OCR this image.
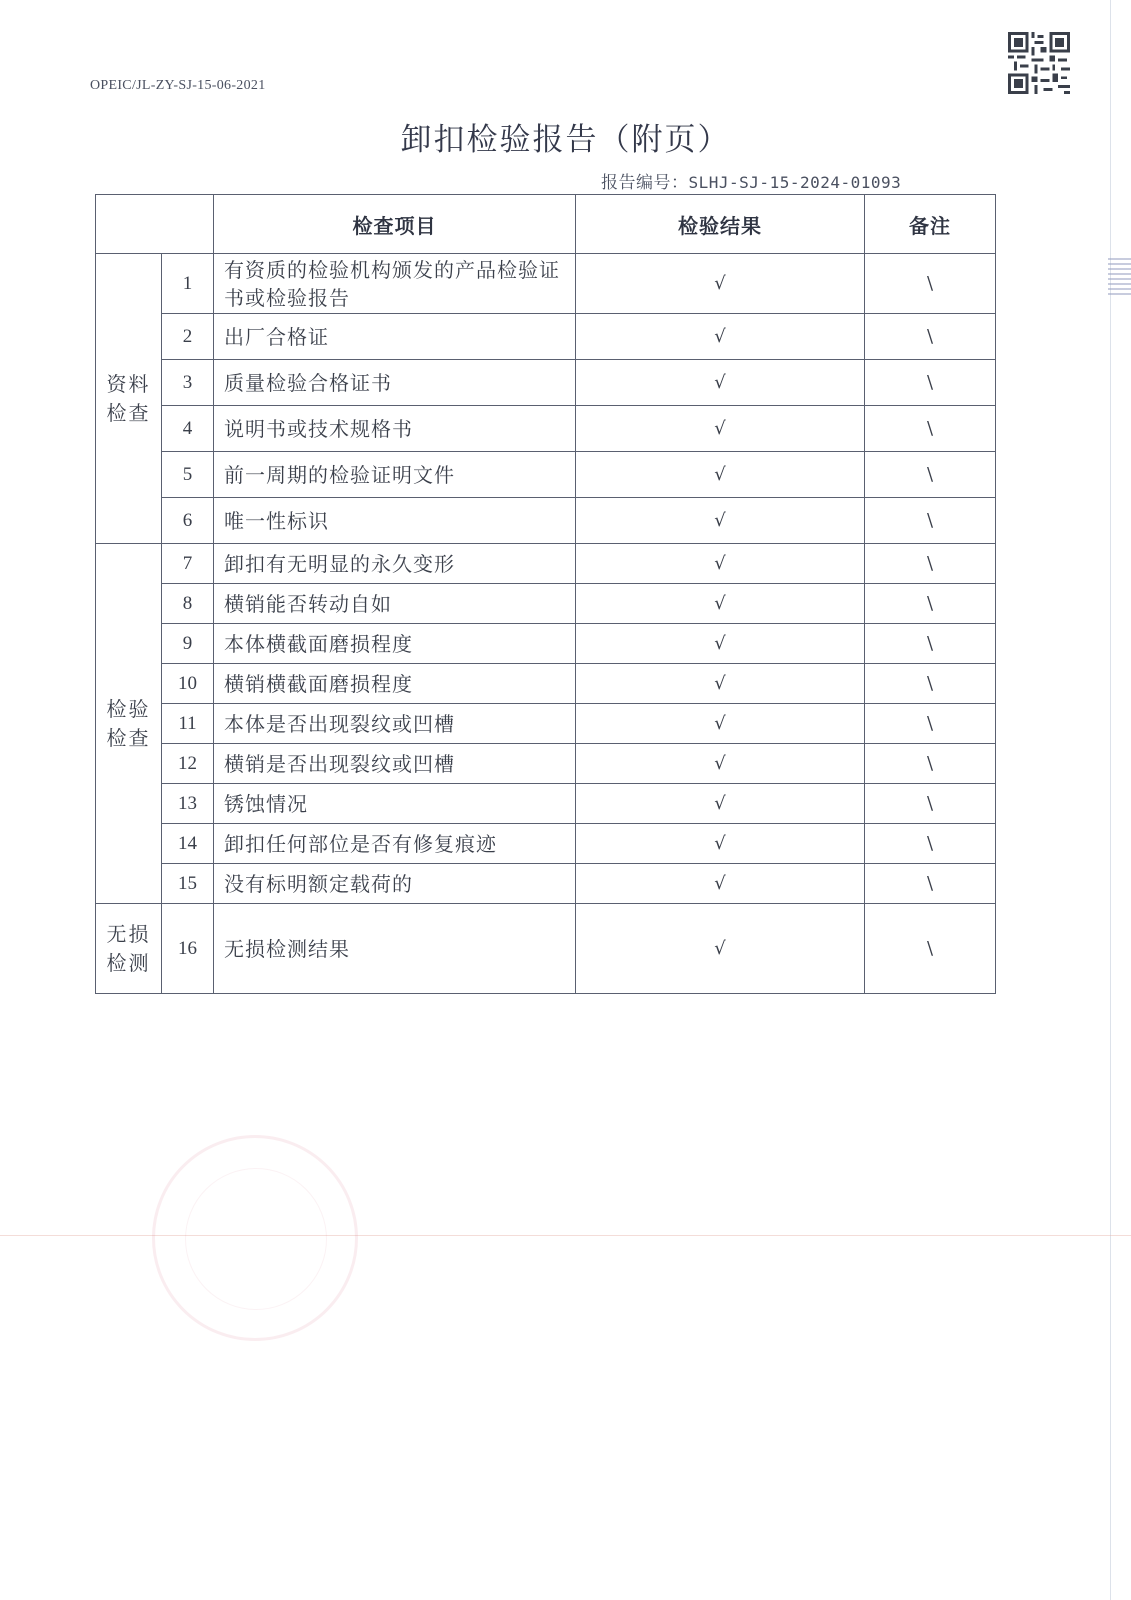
OPEIC/JL-ZY-SJ-15-06-2021
卸扣检验报告（附页）
报告编号：SLHJ-SJ-15-2024-01093
		检查项目	检验结果	备注
资料
检查	1	有资质的检验机构颁发的产品检验证书或检验报告	√	\
	2	出厂合格证	√	\
	3	质量检验合格证书	√	\
	4	说明书或技术规格书	√	\
	5	前一周期的检验证明文件	√	\
	6	唯一性标识	√	\
检验
检查	7	卸扣有无明显的永久变形	√	\
	8	横销能否转动自如	√	\
	9	本体横截面磨损程度	√	\
	10	横销横截面磨损程度	√	\
	11	本体是否出现裂纹或凹槽	√	\
	12	横销是否出现裂纹或凹槽	√	\
	13	锈蚀情况	√	\
	14	卸扣任何部位是否有修复痕迹	√	\
	15	没有标明额定载荷的	√	\
无损
检测	16	无损检测结果	√	\
